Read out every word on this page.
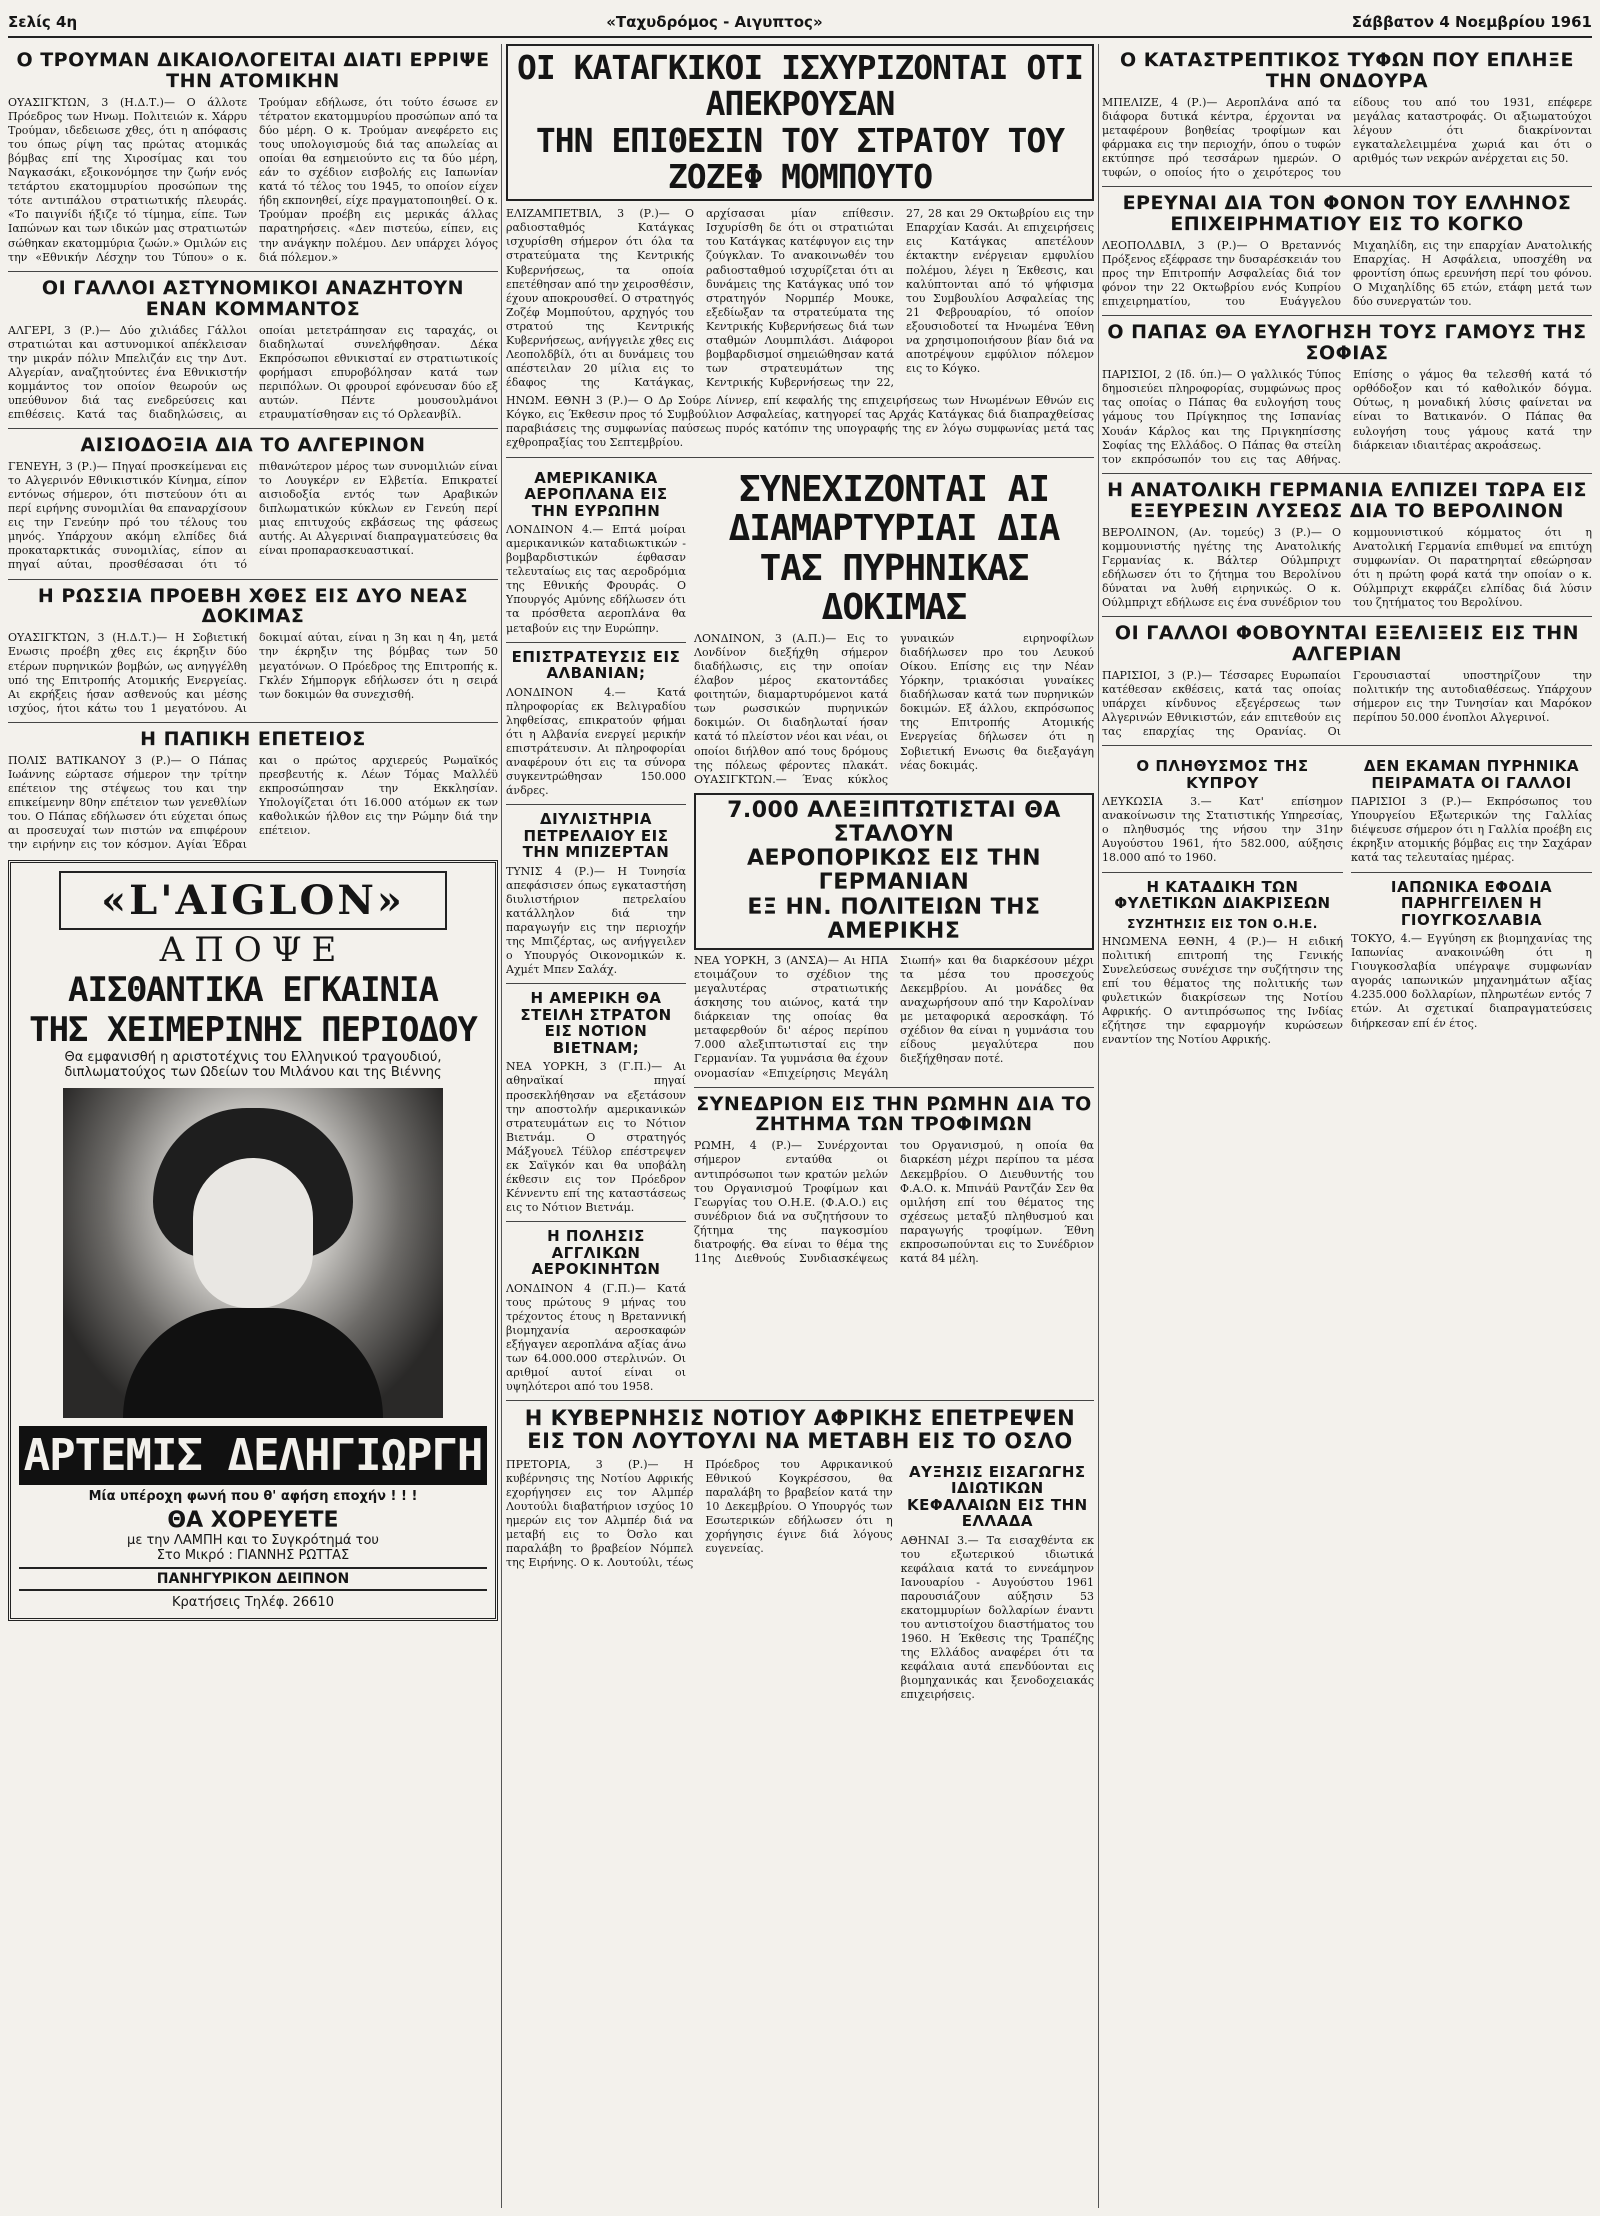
Σελίς 4η	«Ταχυδρόμος - Αιγυπτος»	Σάββατον 4 Νοεμβρίου 1961
Ο ΤΡΟΥΜΑΝ ΔΙΚΑΙΟΛΟΓΕΙΤΑΙ ΔΙΑΤΙ ΕΡΡΙΨΕ ΤΗΝ ΑΤΟΜΙΚΗΝ
ΟΥΑΣΙΓΚΤΩΝ, 3 (Η.Δ.Τ.)— Ο άλλοτε Πρόεδρος των Ηνωμ. Πολιτειών κ. Χάρρυ Τρούμαν, ιδεδειωσε χθες, ότι η απόφασις του όπως ρίψη τας πρώτας ατομικάς βόμβας επί της Χιροσίμας και του Ναγκασάκι, εξοικονόμησε την ζωήν ενός τετάρτου εκατομμυρίου προσώπων της τότε αντιπάλου στρατιωτικής πλευράς. «Το παιγνίδι ήξιζε τό τίμημα, είπε. Των Ιαπώνων και των ιδικών μας στρατιωτών σώθηκαν εκατομμύρια ζωών.» Ομιλών εις την «Εθνικήν Λέσχην του Τύπου» ο κ. Τρούμαν εδήλωσε, ότι τούτο έσωσε εν τέτρατον εκατομμυρίου προσώπων από τα δύο μέρη. Ο κ. Τρούμαν ανεφέρετο εις τους υπολογισμούς διά τας απωλείας αι οποίαι θα εσημειούντο εις τα δύο μέρη, εάν το σχέδιον εισβολής εις Ιαπωνίαν κατά τό τέλος του 1945, το οποίον είχεν ήδη εκπονηθεί, είχε πραγματοποιηθεί. Ο κ. Τρούμαν προέβη εις μερικάς άλλας παρατηρήσεις. «Δεν πιστεύω, είπεν, εις την ανάγκην πολέμου. Δεν υπάρχει λόγος διά πόλεμον.»
ΟΙ ΓΑΛΛΟΙ ΑΣΤΥΝΟΜΙΚΟΙ ΑΝΑΖΗΤΟΥΝ ΕΝΑΝ ΚΟΜΜΑΝΤΟΣ
ΑΛΓΕΡΙ, 3 (Ρ.)— Δύο χιλιάδες Γάλλοι στρατιώται και αστυνομικοί απέκλεισαν την μικράν πόλιν Μπελιζάν εις την Δυτ. Αλγερίαν, αναζητούντες ένα Εθνικιστήν κομμάντος τον οποίον θεωρούν ως υπεύθυνον διά τας ενεδρεύσεις και επιθέσεις. Κατά τας διαδηλώσεις, αι οποίαι μετετράπησαν εις ταραχάς, οι διαδηλωταί συνελήφθησαν. Δέκα Εκπρόσωποι εθνικισταί εν στρατιωτικοίς φορήμασι επυροβόλησαν κατά των περιπόλων. Οι φρουροί εφόνευσαν δύο εξ αυτών. Πέντε μουσουλμάνοι ετραυματίσθησαν εις τό Ορλεανβίλ.
ΑΙΣΙΟΔΟΞΙΑ ΔΙΑ ΤΟ ΑΛΓΕΡΙΝΟΝ
ΓΕΝΕΥΗ, 3 (Ρ.)— Πηγαί προσκείμεναι εις το Αλγερινόν Εθνικιστικόν Κίνημα, είπον εντόνως σήμερον, ότι πιστεύουν ότι αι περί ειρήνης συνομιλίαι θα επαναρχίσουν εις την Γενεύην πρό του τέλους του μηνός. Υπάρχουν ακόμη ελπίδες διά προκαταρκτικάς συνομιλίας, είπον αι πηγαί αύται, προσθέσασαι ότι τό πιθανώτερον μέρος των συνομιλιών είναι το Λουγκέρν εν Ελβετία. Επικρατεί αισιοδοξία εντός των Αραβικών διπλωματικών κύκλων εν Γενεύη περί μιας επιτυχούς εκβάσεως της φάσεως αυτής. Αι Αλγεριναί διαπραγματεύσεις θα είναι προπαρασκευαστικαί.
Η ΡΩΣΣΙΑ ΠΡΟΕΒΗ ΧΘΕΣ ΕΙΣ ΔΥΟ ΝΕΑΣ ΔΟΚΙΜΑΣ
ΟΥΑΣΙΓΚΤΩΝ, 3 (Η.Δ.Τ.)— Η Σοβιετική Ενωσις προέβη χθες εις έκρηξιν δύο ετέρων πυρηνικών βομβών, ως ανηγγέλθη υπό της Επιτροπής Ατομικής Ενεργείας. Αι εκρήξεις ήσαν ασθενούς και μέσης ισχύος, ήτοι κάτω του 1 μεγατόνου. Αι δοκιμαί αύται, είναι η 3η και η 4η, μετά την έκρηξιν της βόμβας των 50 μεγατόνων. Ο Πρόεδρος της Επιτροπής κ. Γκλέν Σήμποργκ εδήλωσεν ότι η σειρά των δοκιμών θα συνεχισθή.
Η ΠΑΠΙΚΗ ΕΠΕΤΕΙΟΣ
ΠΟΛΙΣ ΒΑΤΙΚΑΝΟΥ 3 (Ρ.)— Ο Πάπας Ιωάννης εώρτασε σήμερον την τρίτην επέτειον της στέψεως του και την επικείμενην 80ην επέτειον των γενεθλίων του. Ο Πάπας εδήλωσεν ότι εύχεται όπως αι προσευχαί των πιστών να επιφέρουν την ειρήνην εις τον κόσμον. Αγίαι Έδραι και ο πρώτος αρχιερεύς Ρωμαϊκός πρεσβευτής κ. Λέων Τόμας Μαλλέϋ εκπροσώπησαν την Εκκλησίαν. Υπολογίζεται ότι 16.000 ατόμων εκ των καθολικών ήλθον εις την Ρώμην διά την επέτειον.
«L'AIGLON»
ΑΠΟΨΕ
ΑΙΣΘΑΝΤΙΚΑ ΕΓΚΑΙΝΙΑ
ΤΗΣ ΧΕΙΜΕΡΙΝΗΣ ΠΕΡΙΟΔΟΥ
Θα εμφανισθή η αριστοτέχνις του Ελληνικού τραγουδιού, διπλωματούχος των Ωδείων του Μιλάνου και της Βιέννης
ΑΡΤΕΜΙΣ ΔΕΛΗΓΙΩΡΓΗ
Μία υπέροχη φωνή που θ' αφήση εποχήν ! ! !
ΘΑ ΧΟΡΕΥΕΤΕ
με την ΛΑΜΠΗ και το Συγκρότημά του
Στο Μικρό : ΓΙΑΝΝΗΣ ΡΩΤΤΑΣ
ΠΑΝΗΓΥΡΙΚΟΝ ΔΕΙΠΝΟΝ
Κρατήσεις Τηλέφ. 26610
ΟΙ ΚΑΤΑΓΚΙΚΟΙ ΙΣΧΥΡΙΖΟΝΤΑΙ ΟΤΙ ΑΠΕΚΡΟΥΣΑΝ
ΤΗΝ ΕΠΙΘΕΣΙΝ ΤΟΥ ΣΤΡΑΤΟΥ ΤΟΥ ΖΟΖΕΦ ΜΟΜΠΟΥΤΟ
ΕΛΙΖΑΜΠΕΤΒΙΛ, 3 (Ρ.)— Ο ραδιοσταθμός Κατάγκας ισχυρίσθη σήμερον ότι όλα τα στρατεύματα της Κεντρικής Κυβερνήσεως, τα οποία επετέθησαν από την χειροσθέσιν, έχουν αποκρουσθεί. Ο στρατηγός Ζοζέφ Μομπούτου, αρχηγός του στρατού της Κεντρικής Κυβερνήσεως, ανήγγειλε χθες εις Λεοπολδβίλ, ότι αι δυνάμεις του απέστειλαν 20 μίλια εις το έδαφος της Κατάγκας, αρχίσασαι μίαν επίθεσιν. Ισχυρίσθη δε ότι οι στρατιώται του Κατάγκας κατέφυγον εις την ζούγκλαν. Το ανακοινωθέν του ραδιοσταθμού ισχυρίζεται ότι αι δυνάμεις της Κατάγκας υπό τον στρατηγόν Νορμπέρ Μουκε, εξεδίωξαν τα στρατεύματα της Κεντρικής Κυβερνήσεως διά των σταθμών Λουμπιλάσι. Διάφοροι βομβαρδισμοί σημειώθησαν κατά των στρατευμάτων της Κεντρικής Κυβερνήσεως την 22, 27, 28 και 29 Οκτωβρίου εις την Επαρχίαν Κασάι. Αι επιχειρήσεις εις Κατάγκας απετέλουν έκτακτην ενέργειαν εμφυλίου πολέμου, λέγει η Έκθεσις, και καλύπτονται από τό ψήφισμα του Συμβουλίου Ασφαλείας της 21 Φεβρουαρίου, τό οποίον εξουσιοδοτεί τα Ηνωμένα Έθνη να χρησιμοποιήσουν βίαν διά να αποτρέψουν εμφύλιον πόλεμον εις το Κόγκο.
ΗΝΩΜ. ΕΘΝΗ 3 (Ρ.)— Ο Δρ Σούρε Λίννερ, επί κεφαλής της επιχειρήσεως των Ηνωμένων Εθνών εις Κόγκο, εις Έκθεσιν προς τό Συμβούλιον Ασφαλείας, κατηγορεί τας Αρχάς Κατάγκας διά διαπραχθείσας παραβιάσεις της συμφωνίας παύσεως πυρός κατόπιν της υπογραφής της εν λόγω συμφωνίας μετά τας εχθροπραξίας του Σεπτεμβρίου.
ΑΜΕΡΙΚΑΝΙΚΑ ΑΕΡΟΠΛΑΝΑ ΕΙΣ ΤΗΝ ΕΥΡΩΠΗΝ
ΛΟΝΔΙΝΟΝ 4.— Επτά μοίραι αμερικανικών καταδιωκτικών - βομβαρδιστικών έφθασαν τελευταίως εις τας αεροδρόμια της Εθνικής Φρουράς. Ο Υπουργός Αμύνης εδήλωσεν ότι τα πρόσθετα αεροπλάνα θα μεταβούν εις την Ευρώπην.
ΕΠΙΣΤΡΑΤΕΥΣΙΣ ΕΙΣ ΑΛΒΑΝΙΑΝ;
ΛΟΝΔΙΝΟΝ 4.— Κατά πληροφορίας εκ Βελιγραδίου ληφθείσας, επικρατούν φήμαι ότι η Αλβανία ενεργεί μερικήν επιστράτευσιν. Αι πληροφορίαι αναφέρουν ότι εις τα σύνορα συγκεντρώθησαν 150.000 άνδρες.
ΔΙΥΛΙΣΤΗΡΙΑ ΠΕΤΡΕΛΑΙΟΥ ΕΙΣ ΤΗΝ ΜΠΙΖΕΡΤΑΝ
ΤΥΝΙΣ 4 (Ρ.)— Η Τυνησία απεφάσισεν όπως εγκαταστήση διυλιστήριον πετρελαίου κατάλληλον διά την παραγωγήν εις την περιοχήν της Μπιζέρτας, ως ανήγγειλεν ο Υπουργός Οικονομικών κ. Αχμέτ Μπεν Σαλάχ.
Η ΑΜΕΡΙΚΗ ΘΑ ΣΤΕΙΛΗ ΣΤΡΑΤΟΝ ΕΙΣ ΝΟΤΙΟΝ ΒΙΕΤΝΑΜ;
ΝΕΑ ΥΟΡΚΗ, 3 (Γ.Π.)— Αι αθηναϊκαί πηγαί προσεκλήθησαν να εξετάσουν την αποστολήν αμερικανικών στρατευμάτων εις το Νότιον Βιετνάμ. Ο στρατηγός Μάξγουελ Τέϋλορ επέστρεψεν εκ Σαϊγκόν και θα υποβάλη έκθεσιν εις τον Πρόεδρον Κέννεντυ επί της καταστάσεως εις το Νότιον Βιετνάμ.
Η ΠΟΛΗΣΙΣ ΑΓΓΛΙΚΩΝ ΑΕΡΟΚΙΝΗΤΩΝ
ΛΟΝΔΙΝΟΝ 4 (Γ.Π.)— Κατά τους πρώτους 9 μήνας του τρέχοντος έτους η Βρεταννική βιομηχανία αεροσκαφών εξήγαγεν αεροπλάνα αξίας άνω των 64.000.000 στερλινών. Οι αριθμοί αυτοί είναι οι υψηλότεροι από του 1958.
ΣΥΝΕΧΙΖΟΝΤΑΙ ΑΙ ΔΙΑΜΑΡΤΥΡΙΑΙ ΔΙΑ ΤΑΣ ΠΥΡΗΝΙΚΑΣ ΔΟΚΙΜΑΣ
ΛΟΝΔΙΝΟΝ, 3 (Α.Π.)— Εις το Λονδίνον διεξήχθη σήμερον διαδήλωσις, εις την οποίαν έλαβον μέρος εκατοντάδες φοιτητών, διαμαρτυρόμενοι κατά των ρωσσικών πυρηνικών δοκιμών. Οι διαδηλωταί ήσαν κατά τό πλείστον νέοι και νέαι, οι οποίοι διήλθον από τους δρόμους της πόλεως φέροντες πλακάτ. ΟΥΑΣΙΓΚΤΩΝ.— Ένας κύκλος γυναικών ειρηνοφίλων διαδήλωσεν προ του Λευκού Οίκου. Επίσης εις την Νέαν Υόρκην, τριακόσιαι γυναίκες διαδήλωσαν κατά των πυρηνικών δοκιμών. Εξ άλλου, εκπρόσωπος της Επιτροπής Ατομικής Ενεργείας δήλωσεν ότι η Σοβιετική Ενωσις θα διεξαγάγη νέας δοκιμάς.
7.000 ΑΛΕΞΙΠΤΩΤΙΣΤΑΙ ΘΑ ΣΤΑΛΟΥΝ
ΑΕΡΟΠΟΡΙΚΩΣ ΕΙΣ ΤΗΝ ΓΕΡΜΑΝΙΑΝ
ΕΞ ΗΝ. ΠΟΛΙΤΕΙΩΝ ΤΗΣ ΑΜΕΡΙΚΗΣ
ΝΕΑ ΥΟΡΚΗ, 3 (ΑΝΣΑ)— Αι ΗΠΑ ετοιμάζουν το σχέδιον της μεγαλυτέρας στρατιωτικής άσκησης του αιώνος, κατά την διάρκειαν της οποίας θα μεταφερθούν δι' αέρος περίπου 7.000 αλεξιπτωτισταί εις την Γερμανίαν. Τα γυμνάσια θα έχουν ονομασίαν «Επιχείρησις Μεγάλη Σιωπή» και θα διαρκέσουν μέχρι τα μέσα του προσεχούς Δεκεμβρίου. Αι μονάδες θα αναχωρήσουν από την Καρολίναν με μεταφορικά αεροσκάφη. Τό σχέδιον θα είναι η γυμνάσια του είδους μεγαλύτερα που διεξήχθησαν ποτέ.
ΣΥΝΕΔΡΙΟΝ ΕΙΣ ΤΗΝ ΡΩΜΗΝ ΔΙΑ ΤΟ ΖΗΤΗΜΑ ΤΩΝ ΤΡΟΦΙΜΩΝ
ΡΩΜΗ, 4 (Ρ.)— Συνέρχονται σήμερον ενταύθα οι αντιπρόσωποι των κρατών μελών του Οργανισμού Τροφίμων και Γεωργίας του Ο.Η.Ε. (Φ.Α.Ο.) εις συνέδριον διά να συζητήσουν το ζήτημα της παγκοσμίου διατροφής. Θα είναι το θέμα της 11ης Διεθνούς Συνδιασκέψεως του Οργανισμού, η οποία θα διαρκέση μέχρι περίπου τα μέσα Δεκεμβρίου. Ο Διευθυντής του Φ.Α.Ο. κ. Μπινάϋ Ραντζάν Σεν θα ομιλήση επί του θέματος της σχέσεως μεταξύ πληθυσμού και παραγωγής τροφίμων. Έθνη εκπροσωπούνται εις το Συνέδριον κατά 84 μέλη.
Η ΚΥΒΕΡΝΗΣΙΣ ΝΟΤΙΟΥ ΑΦΡΙΚΗΣ ΕΠΕΤΡΕΨΕΝ ΕΙΣ ΤΟΝ ΛΟΥΤΟΥΛΙ ΝΑ ΜΕΤΑΒΗ ΕΙΣ ΤΟ ΟΣΛΟ
ΠΡΕΤΟΡΙΑ, 3 (Ρ.)— Η κυβέρνησις της Νοτίου Αφρικής εχορήγησεν εις τον Αλμπέρ Λουτούλι διαβατήριον ισχύος 10 ημερών εις τον Αλμπέρ διά να μεταβή εις το Όσλο και παραλάβη το βραβείον Νόμπελ της Ειρήνης. Ο κ. Λουτούλι, τέως Πρόεδρος του Αφρικανικού Εθνικού Κογκρέσσου, θα παραλάβη το βραβείον κατά την 10 Δεκεμβρίου. Ο Υπουργός των Εσωτερικών εδήλωσεν ότι η χορήγησις έγινε διά λόγους ευγενείας.
ΑΥΞΗΣΙΣ ΕΙΣΑΓΩΓΗΣ ΙΔΙΩΤΙΚΩΝ ΚΕΦΑΛΑΙΩΝ ΕΙΣ ΤΗΝ ΕΛΛΑΔΑ
ΑΘΗΝΑΙ 3.— Τα εισαχθέντα εκ του εξωτερικού ιδιωτικά κεφάλαια κατά το εννεάμηνον Ιανουαρίου - Αυγούστου 1961 παρουσιάζουν αύξησιν 53 εκατομμυρίων δολλαρίων έναντι του αντιστοίχου διαστήματος του 1960. Η Έκθεσις της Τραπέζης της Ελλάδος αναφέρει ότι τα κεφάλαια αυτά επενδύονται εις βιομηχανικάς και ξενοδοχειακάς επιχειρήσεις.
Ο ΚΑΤΑΣΤΡΕΠΤΙΚΟΣ ΤΥΦΩΝ ΠΟΥ ΕΠΛΗΞΕ ΤΗΝ ΟΝΔΟΥΡΑ
ΜΠΕΛΙΖΕ, 4 (Ρ.)— Αεροπλάνα από τα διάφορα δυτικά κέντρα, έρχονται να μεταφέρουν βοηθείας τροφίμων και φάρμακα εις την περιοχήν, όπου ο τυφών εκτύπησε πρό τεσσάρων ημερών. Ο τυφών, ο οποίος ήτο ο χειρότερος του είδους του από του 1931, επέφερε μεγάλας καταστροφάς. Οι αξιωματούχοι λέγουν ότι διακρίνονται εγκαταλελειμμένα χωριά και ότι ο αριθμός των νεκρών ανέρχεται εις 50.
ΕΡΕΥΝΑΙ ΔΙΑ ΤΟΝ ΦΟΝΟΝ ΤΟΥ ΕΛΛΗΝΟΣ ΕΠΙΧΕΙΡΗΜΑΤΙΟΥ ΕΙΣ ΤΟ ΚΟΓΚΟ
ΛΕΟΠΟΛΔΒΙΛ, 3 (Ρ.)— Ο Βρεταννός Πρόξενος εξέφρασε την δυσαρέσκειάν του προς την Επιτροπήν Ασφαλείας διά τον φόνον την 22 Οκτωβρίου ενός Κυπρίου επιχειρηματίου, του Ευάγγελου Μιχαηλίδη, εις την επαρχίαν Ανατολικής Επαρχίας. Η Ασφάλεια, υποσχέθη να φροντίση όπως ερευνήση περί του φόνου. Ο Μιχαηλίδης 65 ετών, ετάφη μετά των δύο συνεργατών του.
Ο ΠΑΠΑΣ ΘΑ ΕΥΛΟΓΗΣΗ ΤΟΥΣ ΓΑΜΟΥΣ ΤΗΣ ΣΟΦΙΑΣ
ΠΑΡΙΣΙΟΙ, 2 (Ιδ. ύπ.)— Ο γαλλικός Τύπος δημοσιεύει πληροφορίας, συμφώνως προς τας οποίας ο Πάπας θα ευλογήση τους γάμους του Πρίγκηπος της Ισπανίας Χουάν Κάρλος και της Πριγκηπίσσης Σοφίας της Ελλάδος. Ο Πάπας θα στείλη τον εκπρόσωπόν του εις τας Αθήνας. Επίσης ο γάμος θα τελεσθή κατά τό ορθόδοξον και τό καθολικόν δόγμα. Ούτως, η μοναδική λύσις φαίνεται να είναι το Βατικανόν. Ο Πάπας θα ευλογήση τους γάμους κατά την διάρκειαν ιδιαιτέρας ακροάσεως.
Η ΑΝΑΤΟΛΙΚΗ ΓΕΡΜΑΝΙΑ ΕΛΠΙΖΕΙ ΤΩΡΑ ΕΙΣ ΕΞΕΥΡΕΣΙΝ ΛΥΣΕΩΣ ΔΙΑ ΤΟ ΒΕΡΟΛΙΝΟΝ
ΒΕΡΟΛΙΝΟΝ, (Αν. τομεύς) 3 (Ρ.)— Ο κομμουνιστής ηγέτης της Ανατολικής Γερμανίας κ. Βάλτερ Ούλμπριχτ εδήλωσεν ότι το ζήτημα του Βερολίνου δύναται να λυθή ειρηνικώς. Ο κ. Ούλμπριχτ εδήλωσε εις ένα συνέδριον του κομμουνιστικού κόμματος ότι η Ανατολική Γερμανία επιθυμεί να επιτύχη συμφωνίαν. Οι παρατηρηταί εθεώρησαν ότι η πρώτη φορά κατά την οποίαν ο κ. Ούλμπριχτ εκφράζει ελπίδας διά λύσιν του ζητήματος του Βερολίνου.
ΟΙ ΓΑΛΛΟΙ ΦΟΒΟΥΝΤΑΙ ΕΞΕΛΙΞΕΙΣ ΕΙΣ ΤΗΝ ΑΛΓΕΡΙΑΝ
ΠΑΡΙΣΙΟΙ, 3 (Ρ.)— Τέσσαρες Ευρωπαίοι κατέθεσαν εκθέσεις, κατά τας οποίας υπάρχει κίνδυνος εξεγέρσεως των Αλγερινών Εθνικιστών, εάν επιτεθούν εις τας επαρχίας της Ορανίας. Οι Γερουσιασταί υποστηρίζουν την πολιτικήν της αυτοδιαθέσεως. Υπάρχουν σήμερον εις την Τυνησίαν και Μαρόκον περίπου 50.000 ένοπλοι Αλγερινοί.
Ο ΠΛΗΘΥΣΜΟΣ ΤΗΣ ΚΥΠΡΟΥ
ΛΕΥΚΩΣΙΑ 3.— Κατ' επίσημον ανακοίνωσιν της Στατιστικής Υπηρεσίας, ο πληθυσμός της νήσου την 31ην Αυγούστου 1961, ήτο 582.000, αύξησις 18.000 από το 1960.
Η ΚΑΤΑΔΙΚΗ ΤΩΝ ΦΥΛΕΤΙΚΩΝ ΔΙΑΚΡΙΣΕΩΝ
ΣΥΖΗΤΗΣΙΣ ΕΙΣ ΤΟΝ Ο.Η.Ε.
ΗΝΩΜΕΝΑ ΕΘΝΗ, 4 (Ρ.)— Η ειδική πολιτική επιτροπή της Γενικής Συνελεύσεως συνέχισε την συζήτησιν της επί του θέματος της πολιτικής των φυλετικών διακρίσεων της Νοτίου Αφρικής. Ο αντιπρόσωπος της Ινδίας εζήτησε την εφαρμογήν κυρώσεων εναντίον της Νοτίου Αφρικής.
ΔΕΝ ΕΚΑΜΑΝ ΠΥΡΗΝΙΚΑ ΠΕΙΡΑΜΑΤΑ ΟΙ ΓΑΛΛΟΙ
ΠΑΡΙΣΙΟΙ 3 (Ρ.)— Εκπρόσωπος του Υπουργείου Εξωτερικών της Γαλλίας διέψευσε σήμερον ότι η Γαλλία προέβη εις έκρηξιν ατομικής βόμβας εις την Σαχάραν κατά τας τελευταίας ημέρας.
ΙΑΠΩΝΙΚΑ ΕΦΟΔΙΑ ΠΑΡΗΓΓΕΙΛΕΝ Η ΓΙΟΥΓΚΟΣΛΑΒΙΑ
ΤΟΚΥΟ, 4.— Εγγύηση εκ βιομηχανίας της Ιαπωνίας ανακοινώθη ότι η Γιουγκοσλαβία υπέγραψε συμφωνίαν αγοράς ιαπωνικών μηχανημάτων αξίας 4.235.000 δολλαρίων, πληρωτέων εντός 7 ετών. Αι σχετικαί διαπραγματεύσεις διήρκεσαν επί έν έτος.
